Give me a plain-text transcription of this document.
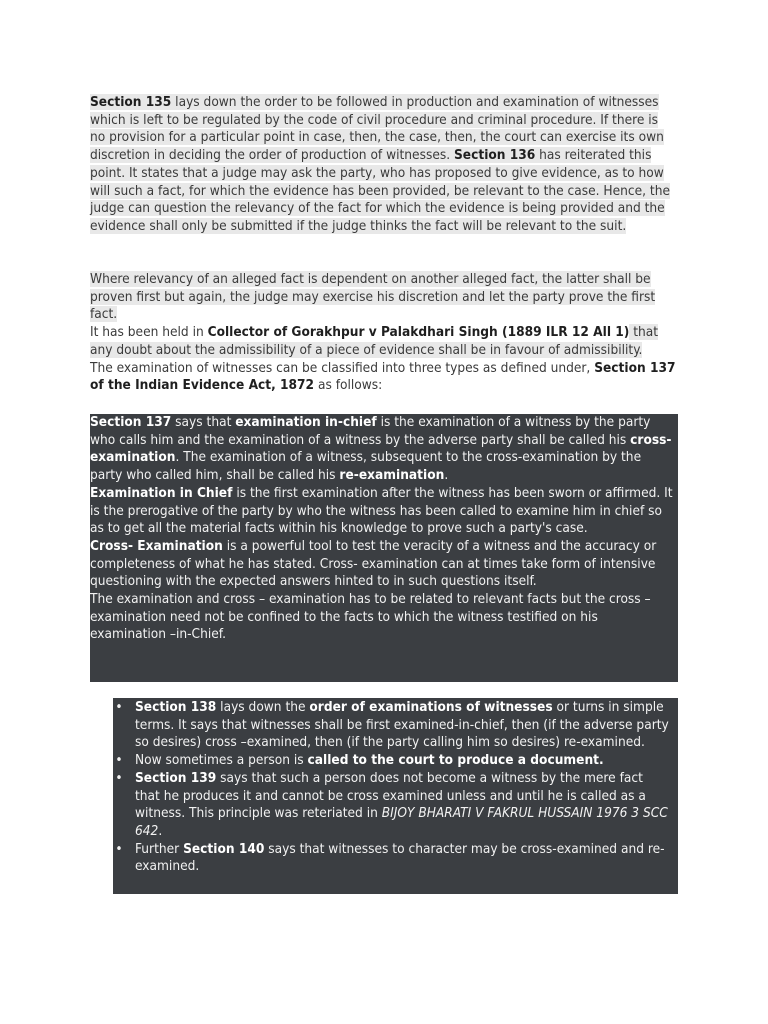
Section 135 lays down the order to be followed in production and examination of witnesses which is left to be regulated by the code of civil procedure and criminal procedure. If there is no provision for a particular point in case, then, the case, then, the court can exercise its own discretion in deciding the order of production of witnesses. Section 136 has reiterated this point. It states that a judge may ask the party, who has proposed to give evidence, as to how will such a fact, for which the evidence has been provided, be relevant to the case. Hence, the judge can question the relevancy of the fact for which the evidence is being provided and the evidence shall only be submitted if the judge thinks the fact will be relevant to the suit.
Where relevancy of an alleged fact is dependent on another alleged fact, the latter shall be proven first but again, the judge may exercise his discretion and let the party prove the first fact.
It has been held in Collector of Gorakhpur v Palakdhari Singh (1889 ILR 12 All 1) that any doubt about the admissibility of a piece of evidence shall be in favour of admissibility.
The examination of witnesses can be classified into three types as defined under, Section 137 of the Indian Evidence Act, 1872 as follows:
Section 137 says that examination in-chief is the examination of a witness by the party who calls him and the examination of a witness by the adverse party shall be called his cross-examination. The examination of a witness, subsequent to the cross-examination by the party who called him, shall be called his re-examination.
Examination in Chief is the first examination after the witness has been sworn or affirmed. It is the prerogative of the party by who the witness has been called to examine him in chief so as to get all the material facts within his knowledge to prove such a party's case.
Cross- Examination is a powerful tool to test the veracity of a witness and the accuracy or completeness of what he has stated. Cross- examination can at times take form of intensive questioning with the expected answers hinted to in such questions itself.
The examination and cross – examination has to be related to relevant facts but the cross –examination need not be confined to the facts to which the witness testified on his examination –in-Chief.
• Section 138 lays down the order of examinations of witnesses or turns in simple terms. It says that witnesses shall be first examined-in-chief, then (if the adverse party so desires) cross –examined, then (if the party calling him so desires) re-examined.
• Now sometimes a person is called to the court to produce a document.
• Section 139 says that such a person does not become a witness by the mere fact that he produces it and cannot be cross examined unless and until he is called as a witness. This principle was reteriated in BIJOY BHARATI V FAKRUL HUSSAIN 1976 3 SCC 642.
• Further Section 140 says that witnesses to character may be cross-examined and re-examined.
